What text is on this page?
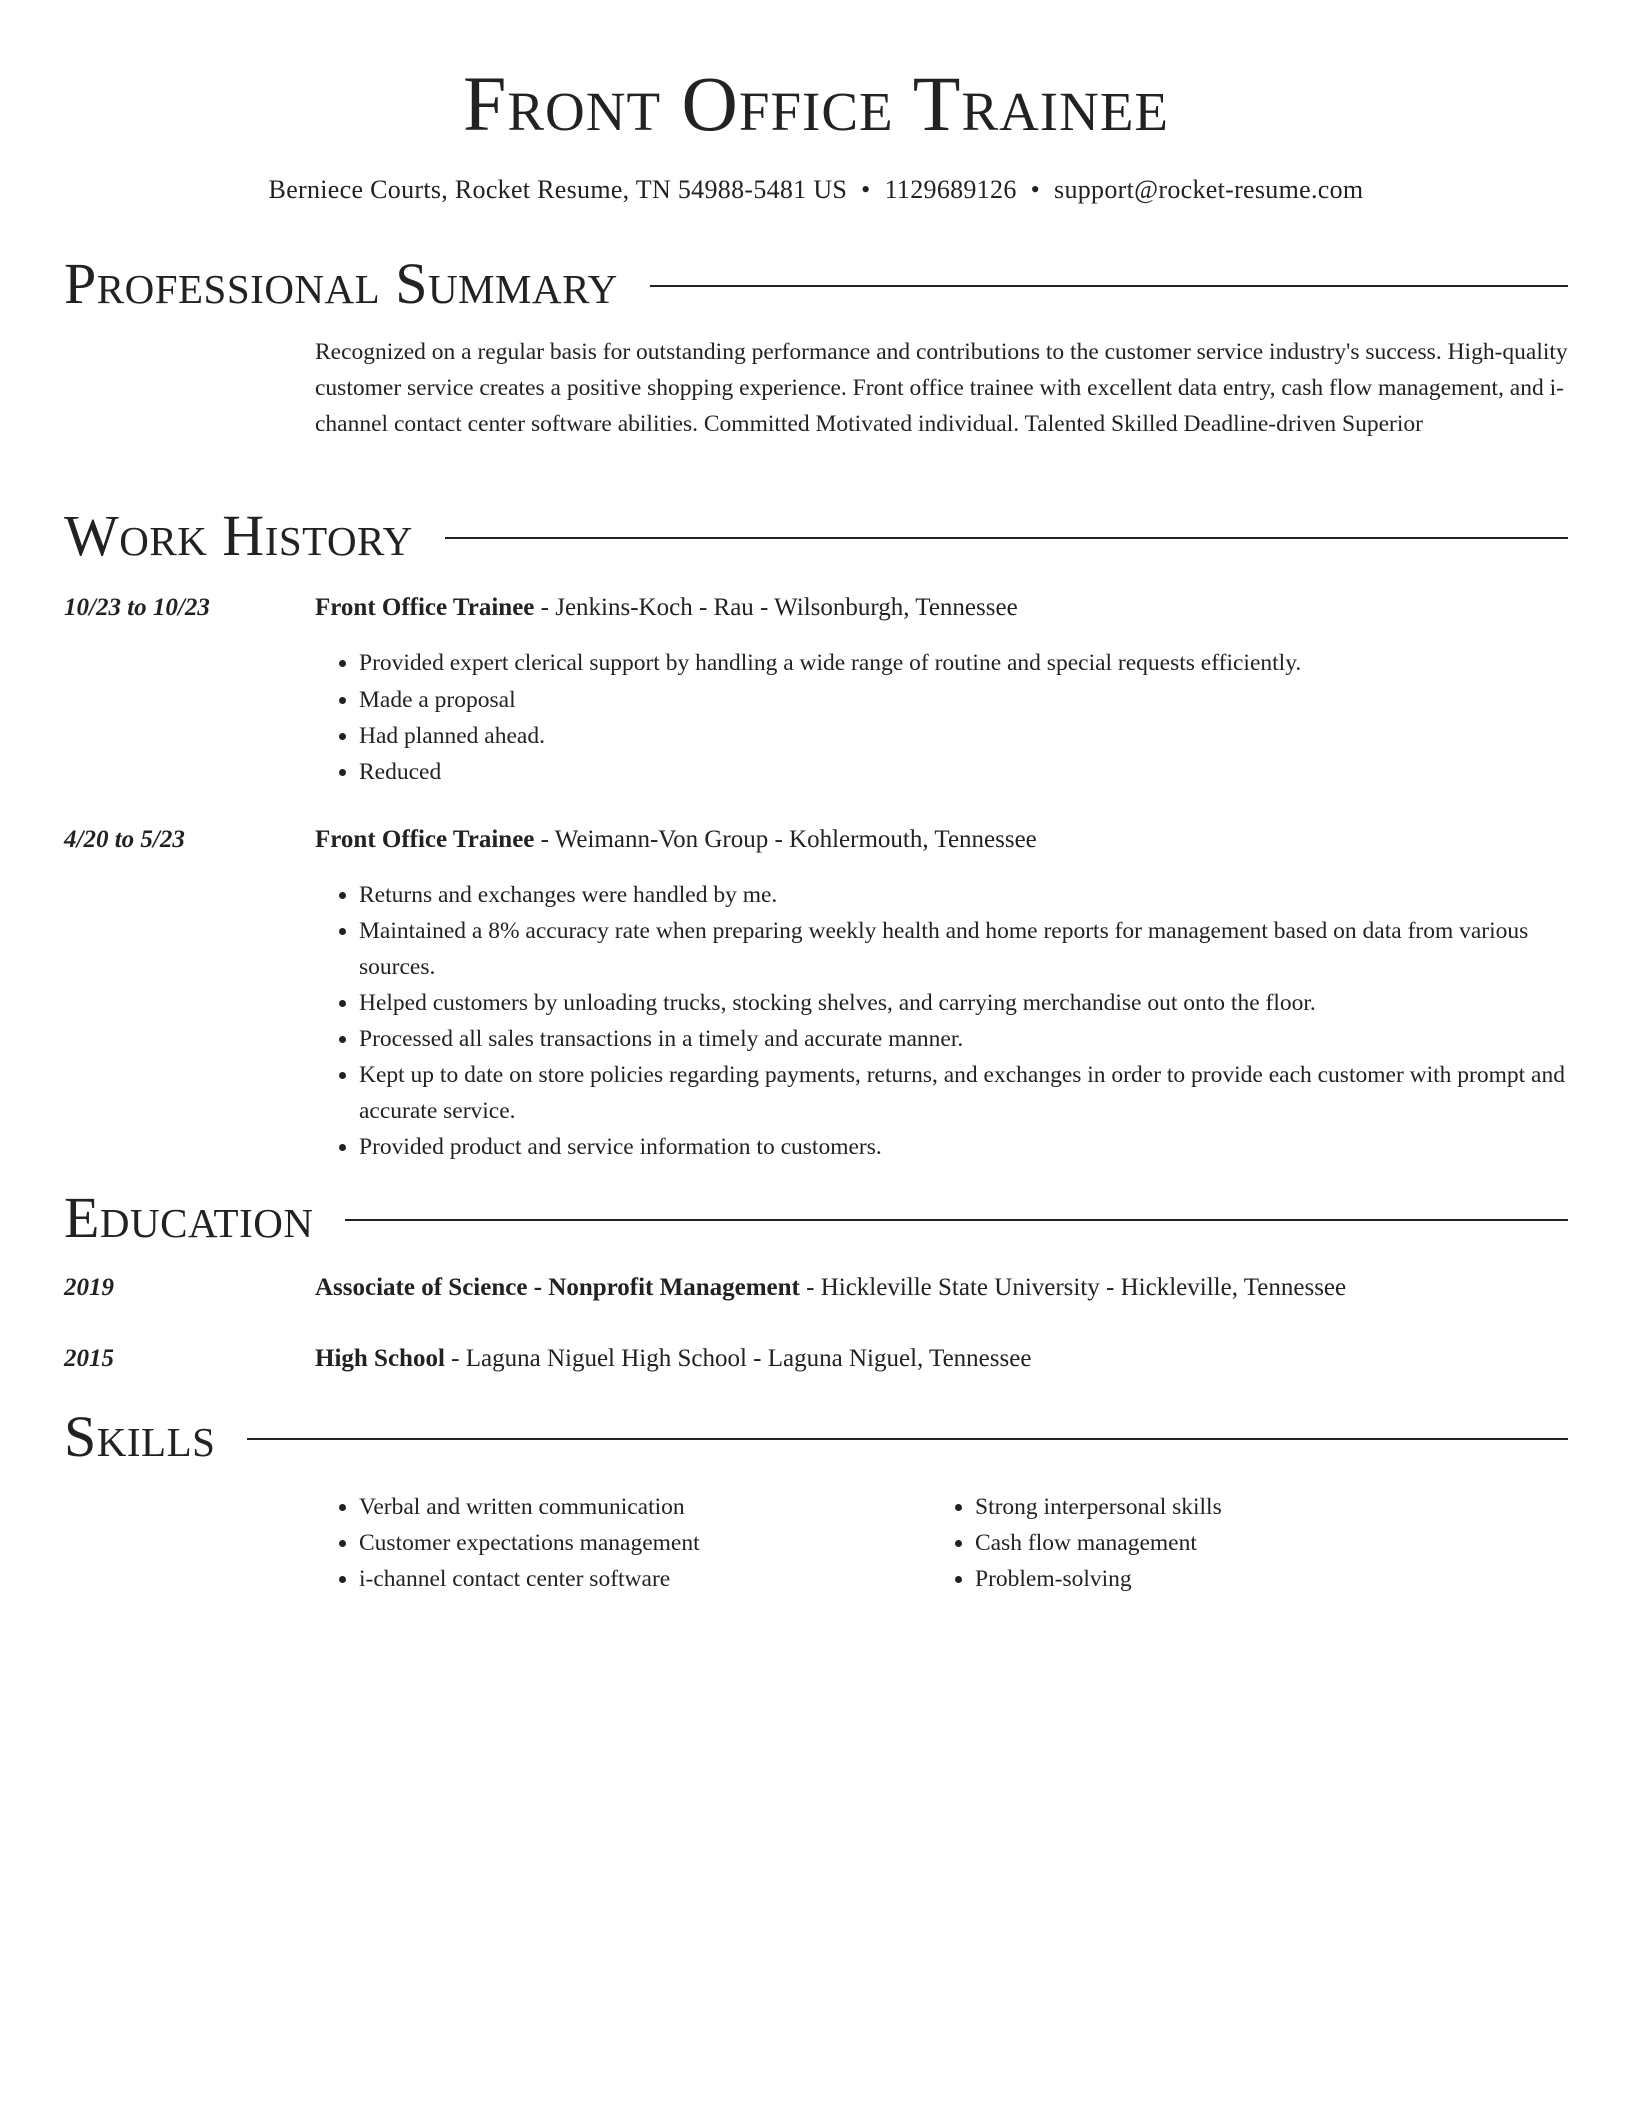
Front Office Trainee
Berniece Courts, Rocket Resume, TN 54988-5481 US • 1129689126 • support@rocket-resume.com
Professional Summary
Recognized on a regular basis for outstanding performance and contributions to the customer service industry's success. High-quality customer service creates a positive shopping experience. Front office trainee with excellent data entry, cash flow management, and i-channel contact center software abilities. Committed Motivated individual. Talented Skilled Deadline-driven Superior
Work History
10/23 to 10/23	Front Office Trainee - Jenkins-Koch - Rau - Wilsonburgh, Tennessee
• Provided expert clerical support by handling a wide range of routine and special requests efficiently.
• Made a proposal
• Had planned ahead.
• Reduced
4/20 to 5/23	Front Office Trainee - Weimann-Von Group - Kohlermouth, Tennessee
• Returns and exchanges were handled by me.
• Maintained a 8% accuracy rate when preparing weekly health and home reports for management based on data from various sources.
• Helped customers by unloading trucks, stocking shelves, and carrying merchandise out onto the floor.
• Processed all sales transactions in a timely and accurate manner.
• Kept up to date on store policies regarding payments, returns, and exchanges in order to provide each customer with prompt and accurate service.
• Provided product and service information to customers.
Education
2019	Associate of Science - Nonprofit Management - Hickleville State University - Hickleville, Tennessee
2015	High School - Laguna Niguel High School - Laguna Niguel, Tennessee
Skills
• Verbal and written communication
• Customer expectations management
• i-channel contact center software
• Strong interpersonal skills
• Cash flow management
• Problem-solving
